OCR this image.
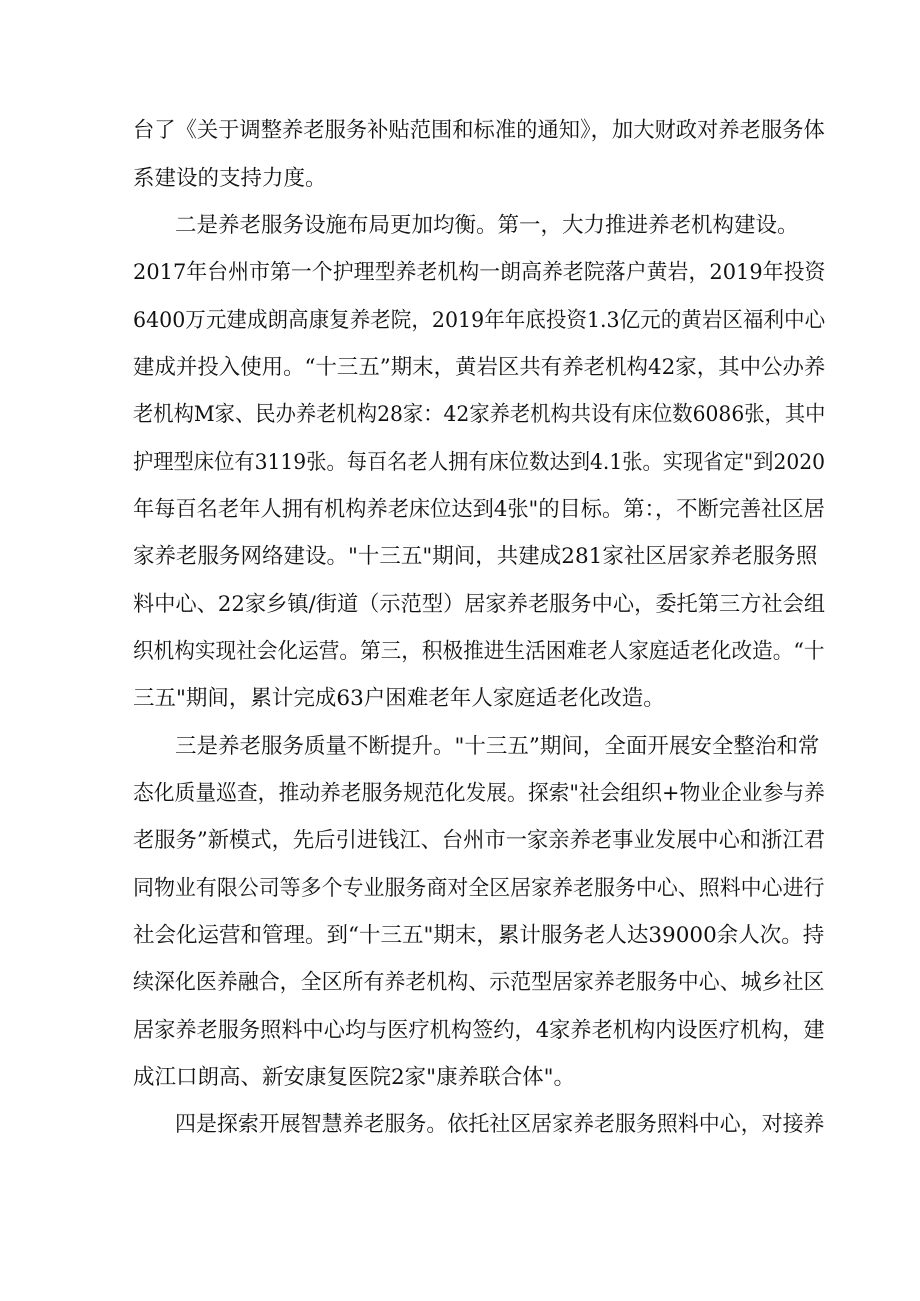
台了《关于调整养老服务补贴范围和标准的通知》，加大财政对养老服务体
系建设的支持力度。
二是养老服务设施布局更加均衡。第一，大力推进养老机构建设。
2017年台州市第一个护理型养老机构一朗高养老院落户黄岩，2019年投资
6400万元建成朗高康复养老院，2019年年底投资1.3亿元的黄岩区福利中心
建成并投入使用。“十三五”期末，黄岩区共有养老机构42家，其中公办养
老机构M家、民办养老机构28家：42家养老机构共设有床位数6086张，其中
护理型床位有3119张。每百名老人拥有床位数达到4.1张。实现省定"到2020
年每百名老年人拥有机构养老床位达到4张"的目标。第：，不断完善社区居
家养老服务网络建设。"十三五"期间，共建成281家社区居家养老服务照
料中心、22家乡镇/街道（示范型）居家养老服务中心，委托第三方社会组
织机构实现社会化运营。第三，积极推进生活困难老人家庭适老化改造。“十
三五"期间，累计完成63户困难老年人家庭适老化改造。
三是养老服务质量不断提升。"十三五”期间，全面开展安全整治和常
态化质量巡查，推动养老服务规范化发展。探索"社会组织+物业企业参与养
老服务”新模式，先后引进钱江、台州市一家亲养老事业发展中心和浙江君
同物业有限公司等多个专业服务商对全区居家养老服务中心、照料中心进行
社会化运营和管理。到“十三五"期末，累计服务老人达39000余人次。持
续深化医养融合，全区所有养老机构、示范型居家养老服务中心、城乡社区
居家养老服务照料中心均与医疗机构签约，4家养老机构内设医疗机构，建
成江口朗高、新安康复医院2家"康养联合体"。
四是探索开展智慧养老服务。依托社区居家养老服务照料中心，对接养
